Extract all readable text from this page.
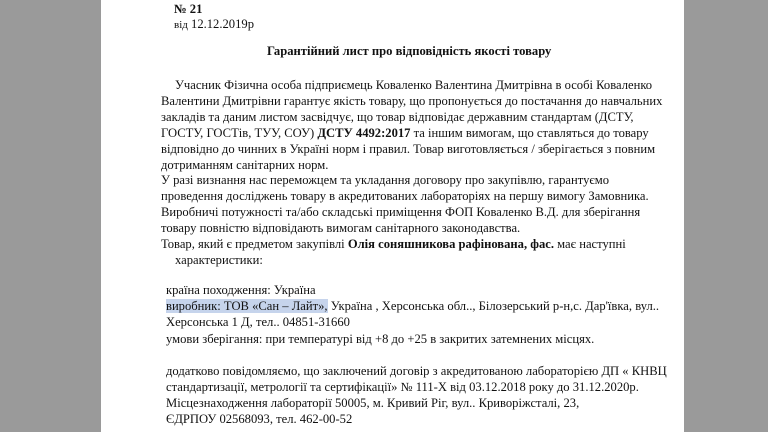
№ 21
від 12.12.2019р
Гарантійний лист про відповідність якості товару
Учасник Фізична особа підприємець Коваленко Валентина Дмитрівна в особі Коваленко
Валентини Дмитрівни гарантує якість товару, що пропонується до постачання до навчальних
закладів та даним листом засвідчує, що товар відповідає державним стандартам (ДСТУ,
ГОСТУ, ГОСТів, ТУУ, СОУ) ДСТУ 4492:2017 та іншим вимогам, що ставляться до товару
відповідно до чинних в Україні норм і правил. Товар виготовляється / зберігається з повним
дотриманням санітарних норм.
У разі визнання нас переможцем та укладання договору про закупівлю, гарантуємо
проведення досліджень товару в акредитованих лабораторіях на першу вимогу Замовника.
Виробничі потужності та/або складські приміщення ФОП Коваленко В.Д. для зберігання
товару повністю відповідають вимогам санітарного законодавства.
Товар, який є предметом закупівлі Олія соняшникова рафінована, фас. має наступні
характеристики:
країна походження: Україна
виробник: ТОВ «Сан – Лайт», Україна , Херсонська обл.., Білозерський р-н,с. Дар'ївка, вул..
Херсонська 1 Д, тел.. 04851-31660
умови зберігання: при температурі від +8 до +25 в закритих затемнених місцях.
додатково повідомляємо, що заключений договір з акредитованою лабораторією ДП « КНВЦ
стандартизації, метрології та сертифікації» № 111-Х від 03.12.2018 року до 31.12.2020р.
Місцезнаходження лабораторії 50005, м. Кривий Ріг, вул.. Криворіжсталі, 23,
ЄДРПОУ 02568093, тел. 462-00-52
